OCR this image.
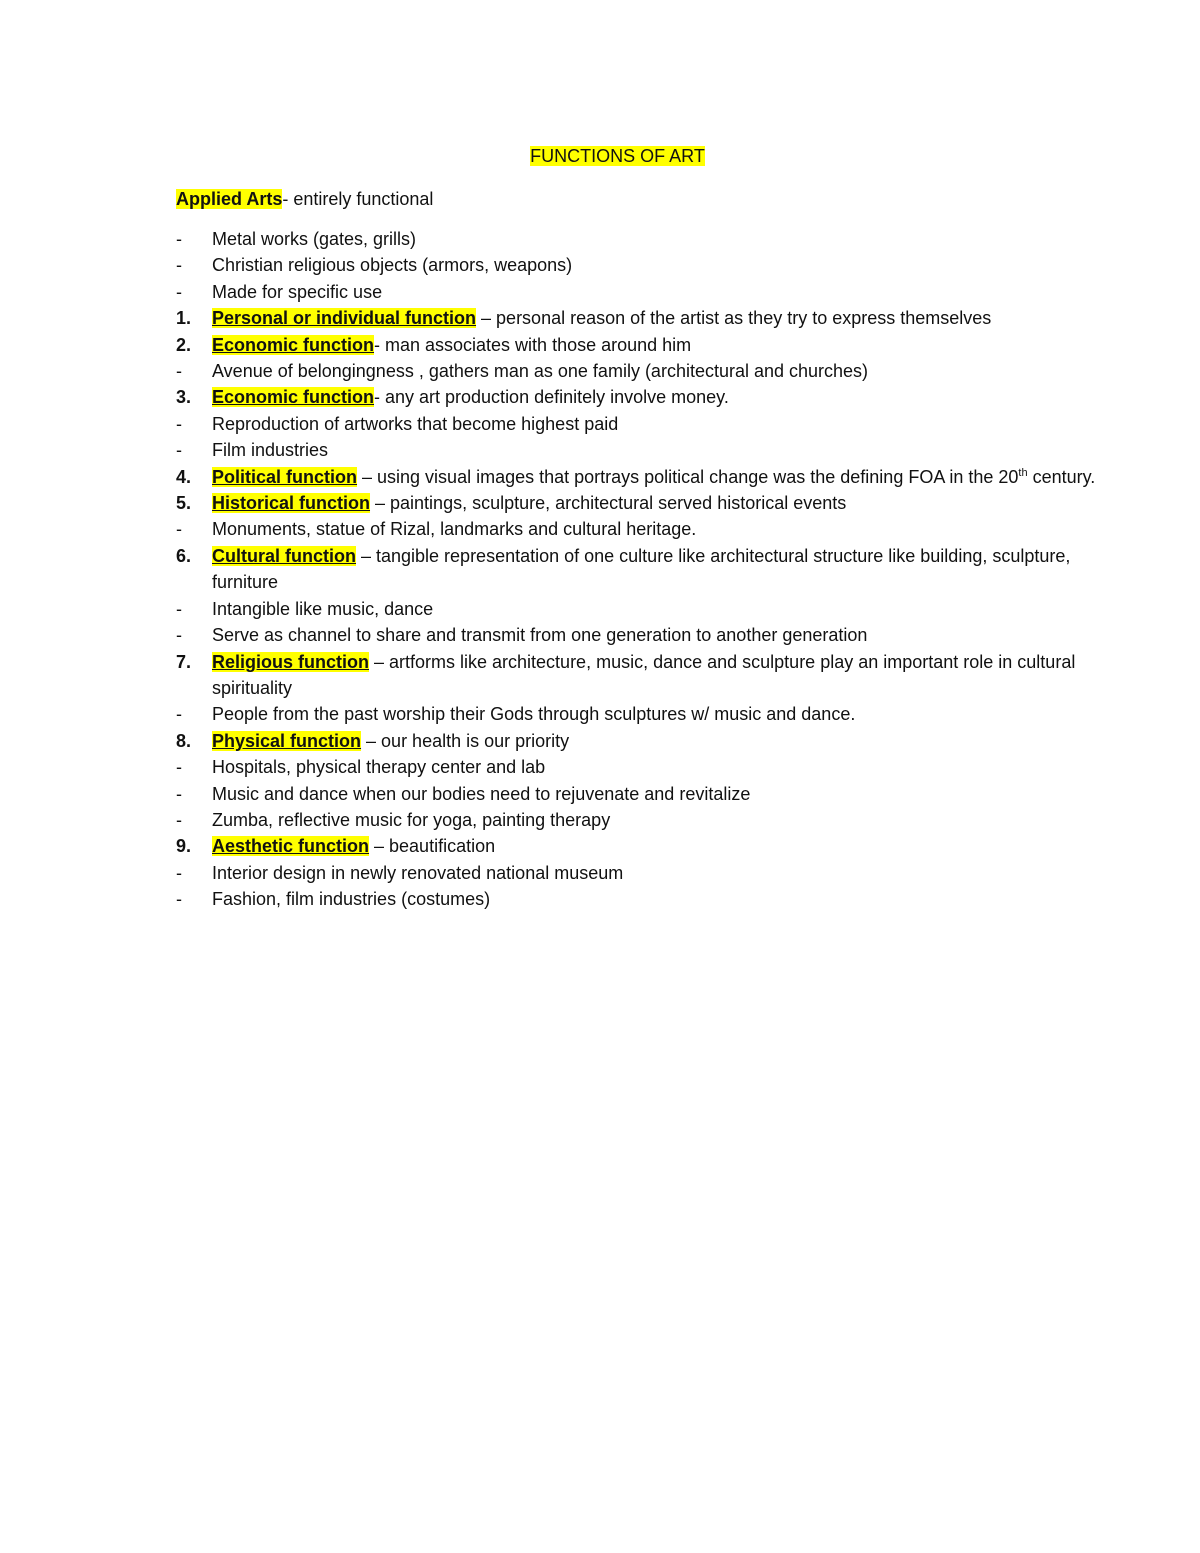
FUNCTIONS OF ART
Applied Arts- entirely functional
- Metal works (gates, grills)
- Christian religious objects (armors, weapons)
- Made for specific use
1. Personal or individual function – personal reason of the artist as they try to express themselves
2. Economic function- man associates with those around him
- Avenue of belongingness , gathers man as one family (architectural and churches)
3. Economic function- any art production definitely involve money.
- Reproduction of artworks that become highest paid
- Film industries
4. Political function – using visual images that portrays political change was the defining FOA in the 20th century.
5. Historical function – paintings, sculpture, architectural served historical events
- Monuments, statue of Rizal, landmarks and cultural heritage.
6. Cultural function – tangible representation of one culture like architectural structure like building, sculpture, furniture
- Intangible like music, dance
- Serve as channel to share and transmit from one generation to another generation
7. Religious function – artforms like architecture, music, dance and sculpture play an important role in cultural spirituality
- People from the past worship their Gods through sculptures w/ music and dance.
8. Physical function – our health is our priority
- Hospitals, physical therapy center and lab
- Music and dance when our bodies need to rejuvenate and revitalize
- Zumba, reflective music for yoga, painting therapy
9. Aesthetic function – beautification
- Interior design in newly renovated national museum
- Fashion, film industries (costumes)
